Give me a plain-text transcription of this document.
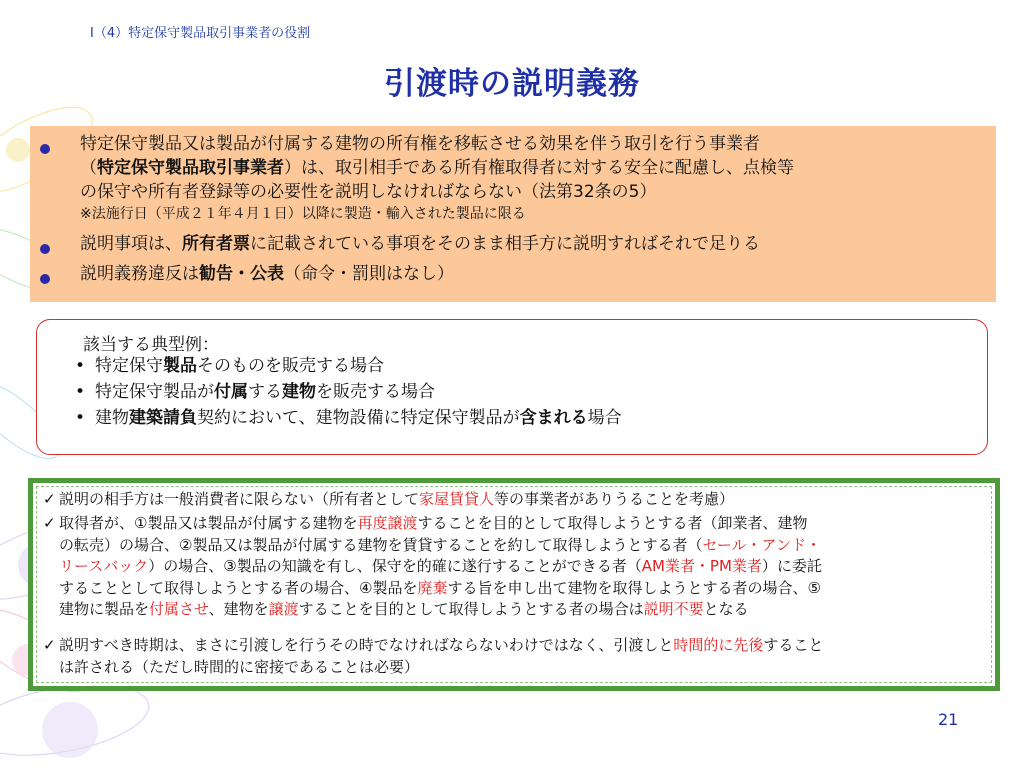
Ⅰ（4）特定保守製品取引事業者の役割
引渡時の説明義務
特定保守製品又は製品が付属する建物の所有権を移転させる効果を伴う取引を行う事業者
（特定保守製品取引事業者）は、取引相手である所有権取得者に対する安全に配慮し、点検等
の保守や所有者登録等の必要性を説明しなければならない（法第32条の5）
※法施行日（平成２１年４月１日）以降に製造・輸入された製品に限る
説明事項は、所有者票に記載されている事項をそのまま相手方に説明すればそれで足りる
説明義務違反は勧告・公表（命令・罰則はなし）
該当する典型例：
• 特定保守製品そのものを販売する場合
• 特定保守製品が付属する建物を販売する場合
• 建物建築請負契約において、建物設備に特定保守製品が含まれる場合
✓ 説明の相手方は一般消費者に限らない（所有者として家屋賃貸人等の事業者がありうることを考慮）
✓ 取得者が、①製品又は製品が付属する建物を再度譲渡することを目的として取得しようとする者（卸業者、建物
の転売）の場合、②製品又は製品が付属する建物を賃貸することを約して取得しようとする者（セール・アンド・
リースバック）の場合、③製品の知識を有し、保守を的確に遂行することができる者（AM業者・PM業者）に委託
することとして取得しようとする者の場合、④製品を廃棄する旨を申し出て建物を取得しようとする者の場合、⑤
建物に製品を付属させ、建物を譲渡することを目的として取得しようとする者の場合は説明不要となる
✓ 説明すべき時期は、まさに引渡しを行うその時でなければならないわけではなく、引渡しと時間的に先後すること
は許される（ただし時間的に密接であることは必要）
21
